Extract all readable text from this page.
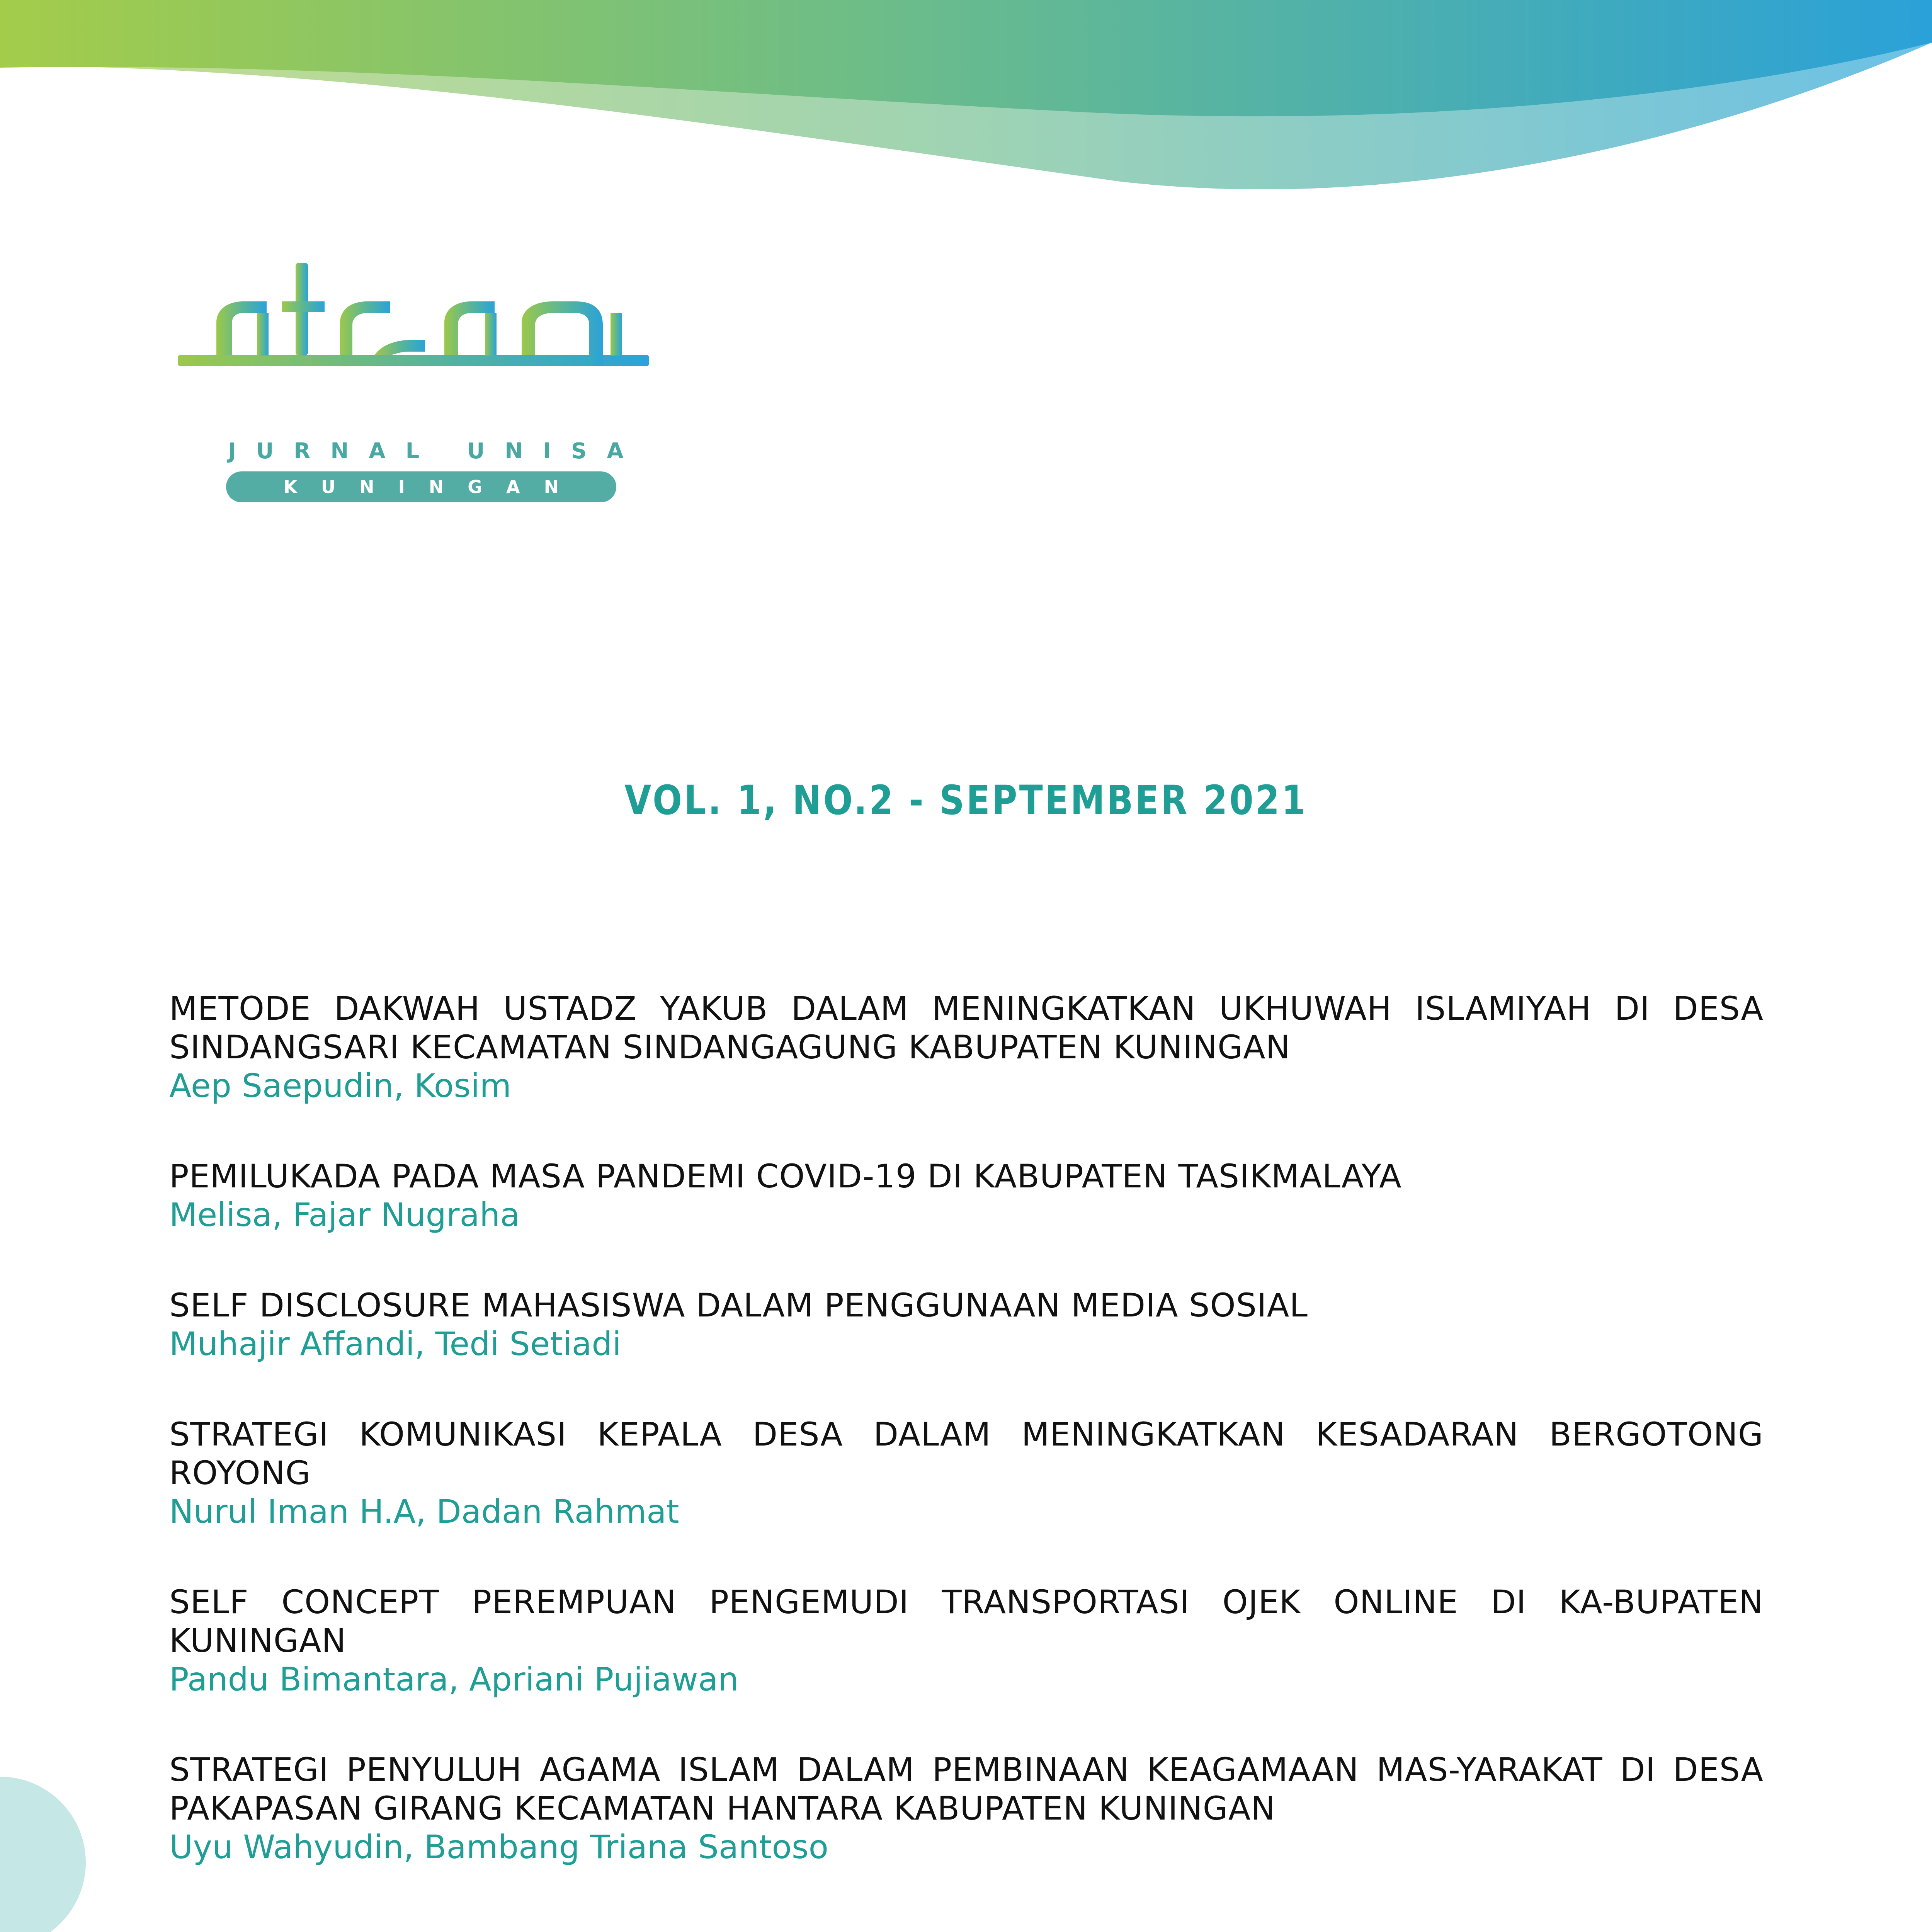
JURNAL UNISA
KUNINGAN
VOL. 1, NO.2 - SEPTEMBER 2021

METODE DAKWAH USTADZ YAKUB DALAM MENINGKATKAN UKHUWAH ISLAMIYAH DI DESA SINDANGSARI KECAMATAN SINDANGAGUNG KABUPATEN KUNINGAN

Aep Saepudin, Kosim

PEMILUKADA PADA MASA PANDEMI COVID-19 DI KABUPATEN TASIKMALAYA

Melisa, Fajar Nugraha

SELF DISCLOSURE MAHASISWA DALAM PENGGUNAAN MEDIA SOSIAL

Muhajir Affandi, Tedi Setiadi

STRATEGI KOMUNIKASI KEPALA DESA DALAM MENINGKATKAN KESADARAN BERGOTONG ROYONG

Nurul Iman H.A, Dadan Rahmat

SELF CONCEPT PEREMPUAN PENGEMUDI TRANSPORTASI OJEK ONLINE DI KA-BUPATEN KUNINGAN

Pandu Bimantara, Apriani Pujiawan

STRATEGI PENYULUH AGAMA ISLAM DALAM PEMBINAAN KEAGAMAAN MAS-YARAKAT DI DESA PAKAPASAN GIRANG KECAMATAN HANTARA KABUPATEN KUNINGAN

Uyu Wahyudin, Bambang Triana Santoso
